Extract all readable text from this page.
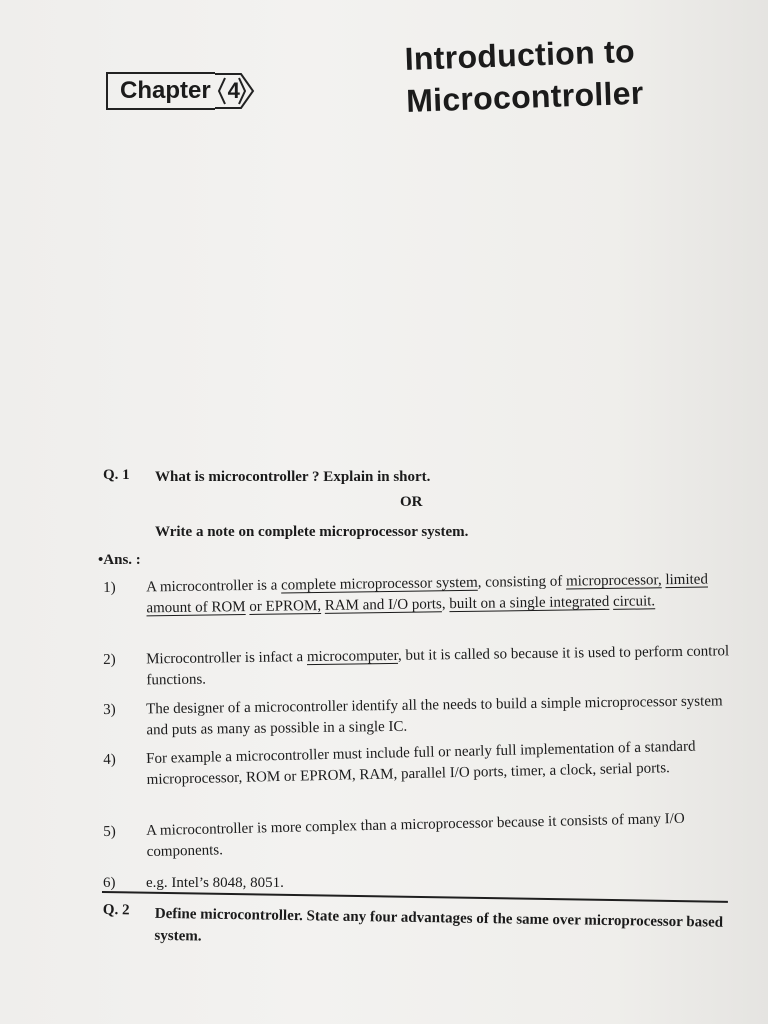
Chapter 4
Introduction to
Microcontroller
Q. 1 What is microcontroller ? Explain in short.
OR
Write a note on complete microprocessor system.
•Ans. :
1) A microcontroller is a complete microprocessor system, consisting of microprocessor, limited amount of ROM or EPROM, RAM and I/O ports, built on a single integrated circuit.
2) Microcontroller is infact a microcomputer, but it is called so because it is used to perform control functions.
3) The designer of a microcontroller identify all the needs to build a simple microprocessor system and puts as many as possible in a single IC.
4) For example a microcontroller must include full or nearly full implementation of a standard microprocessor, ROM or EPROM, RAM, parallel I/O ports, timer, a clock, serial ports.
5) A microcontroller is more complex than a microprocessor because it consists of many I/O components.
6) e.g. Intel’s 8048, 8051.
Q. 2 Define microcontroller. State any four advantages of the same over microprocessor based system.
